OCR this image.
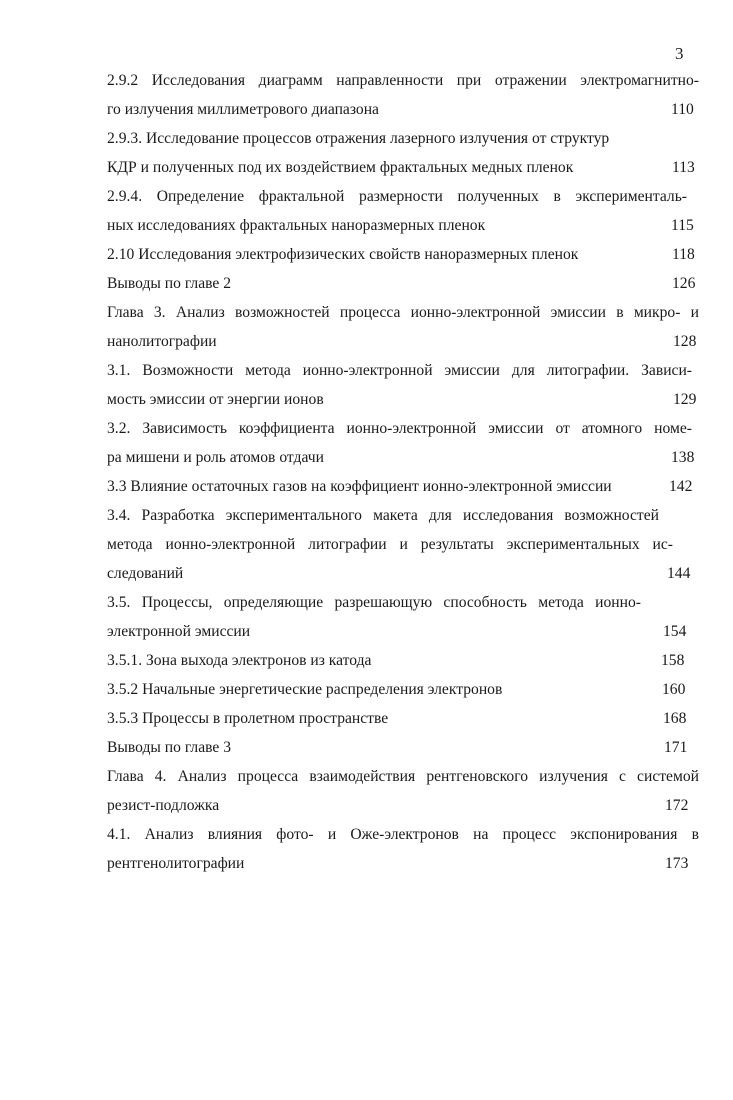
3
2.9.2 Исследования диаграмм направленности при отражении электромагнитно-
го излучения миллиметрового диапазона	110
2.9.3. Исследование процессов отражения лазерного излучения от структур
КДР и полученных под их воздействием фрактальных медных пленок	113
2.9.4. Определение фрактальной размерности полученных в эксперименталь-
ных исследованиях фрактальных наноразмерных пленок	115
2.10 Исследования электрофизических свойств наноразмерных пленок	118
Выводы по главе 2	126
Глава 3. Анализ возможностей процесса ионно-электронной эмиссии в микро- и
нанолитографии	128
3.1. Возможности метода ионно-электронной эмиссии для литографии. Зависи-
мость эмиссии от энергии ионов	129
3.2. Зависимость коэффициента ионно-электронной эмиссии от атомного номе-
ра мишени и роль атомов отдачи	138
3.3 Влияние остаточных газов на коэффициент ионно-электронной эмиссии	142
3.4. Разработка экспериментального макета для исследования возможностей
метода ионно-электронной литографии и результаты экспериментальных ис-
следований	144
3.5. Процессы, определяющие разрешающую способность метода ионно-
электронной эмиссии	154
3.5.1. Зона выхода электронов из катода	158
3.5.2 Начальные энергетические распределения электронов	160
3.5.3 Процессы в пролетном пространстве	168
Выводы по главе 3	171
Глава 4. Анализ процесса взаимодействия рентгеновского излучения с системой
резист-подложка	172
4.1. Анализ влияния фото- и Оже-электронов на процесс экспонирования в
рентгенолитографии	173
